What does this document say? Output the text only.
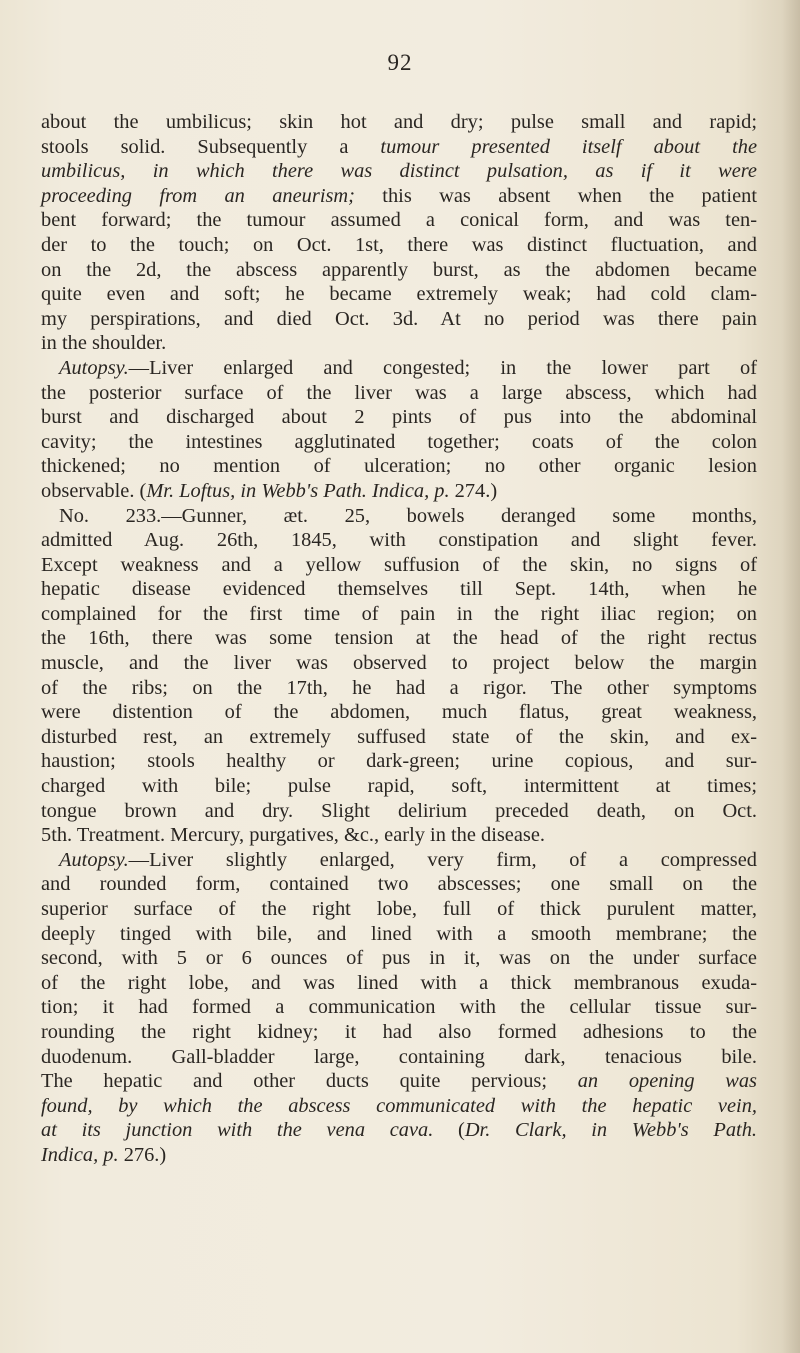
92

about the umbilicus; skin hot and dry; pulse small and rapid;
stools solid. Subsequently a tumour presented itself about the
umbilicus, in which there was distinct pulsation, as if it were
proceeding from an aneurism; this was absent when the patient
bent forward; the tumour assumed a conical form, and was ten-
der to the touch; on Oct. 1st, there was distinct fluctuation, and
on the 2d, the abscess apparently burst, as the abdomen became
quite even and soft; he became extremely weak; had cold clam-
my perspirations, and died Oct. 3d. At no period was there pain
in the shoulder.
Autopsy.—Liver enlarged and congested; in the lower part of
the posterior surface of the liver was a large abscess, which had
burst and discharged about 2 pints of pus into the abdominal
cavity; the intestines agglutinated together; coats of the colon
thickened; no mention of ulceration; no other organic lesion
observable. (Mr. Loftus, in Webb's Path. Indica, p. 274.)
No. 233.—Gunner, æt. 25, bowels deranged some months,
admitted Aug. 26th, 1845, with constipation and slight fever.
Except weakness and a yellow suffusion of the skin, no signs of
hepatic disease evidenced themselves till Sept. 14th, when he
complained for the first time of pain in the right iliac region; on
the 16th, there was some tension at the head of the right rectus
muscle, and the liver was observed to project below the margin
of the ribs; on the 17th, he had a rigor. The other symptoms
were distention of the abdomen, much flatus, great weakness,
disturbed rest, an extremely suffused state of the skin, and ex-
haustion; stools healthy or dark-green; urine copious, and sur-
charged with bile; pulse rapid, soft, intermittent at times;
tongue brown and dry. Slight delirium preceded death, on Oct.
5th. Treatment. Mercury, purgatives, &c., early in the disease.
Autopsy.—Liver slightly enlarged, very firm, of a compressed
and rounded form, contained two abscesses; one small on the
superior surface of the right lobe, full of thick purulent matter,
deeply tinged with bile, and lined with a smooth membrane; the
second, with 5 or 6 ounces of pus in it, was on the under surface
of the right lobe, and was lined with a thick membranous exuda-
tion; it had formed a communication with the cellular tissue sur-
rounding the right kidney; it had also formed adhesions to the
duodenum. Gall-bladder large, containing dark, tenacious bile.
The hepatic and other ducts quite pervious; an opening was
found, by which the abscess communicated with the hepatic vein,
at its junction with the vena cava. (Dr. Clark, in Webb's Path.
Indica, p. 276.)
